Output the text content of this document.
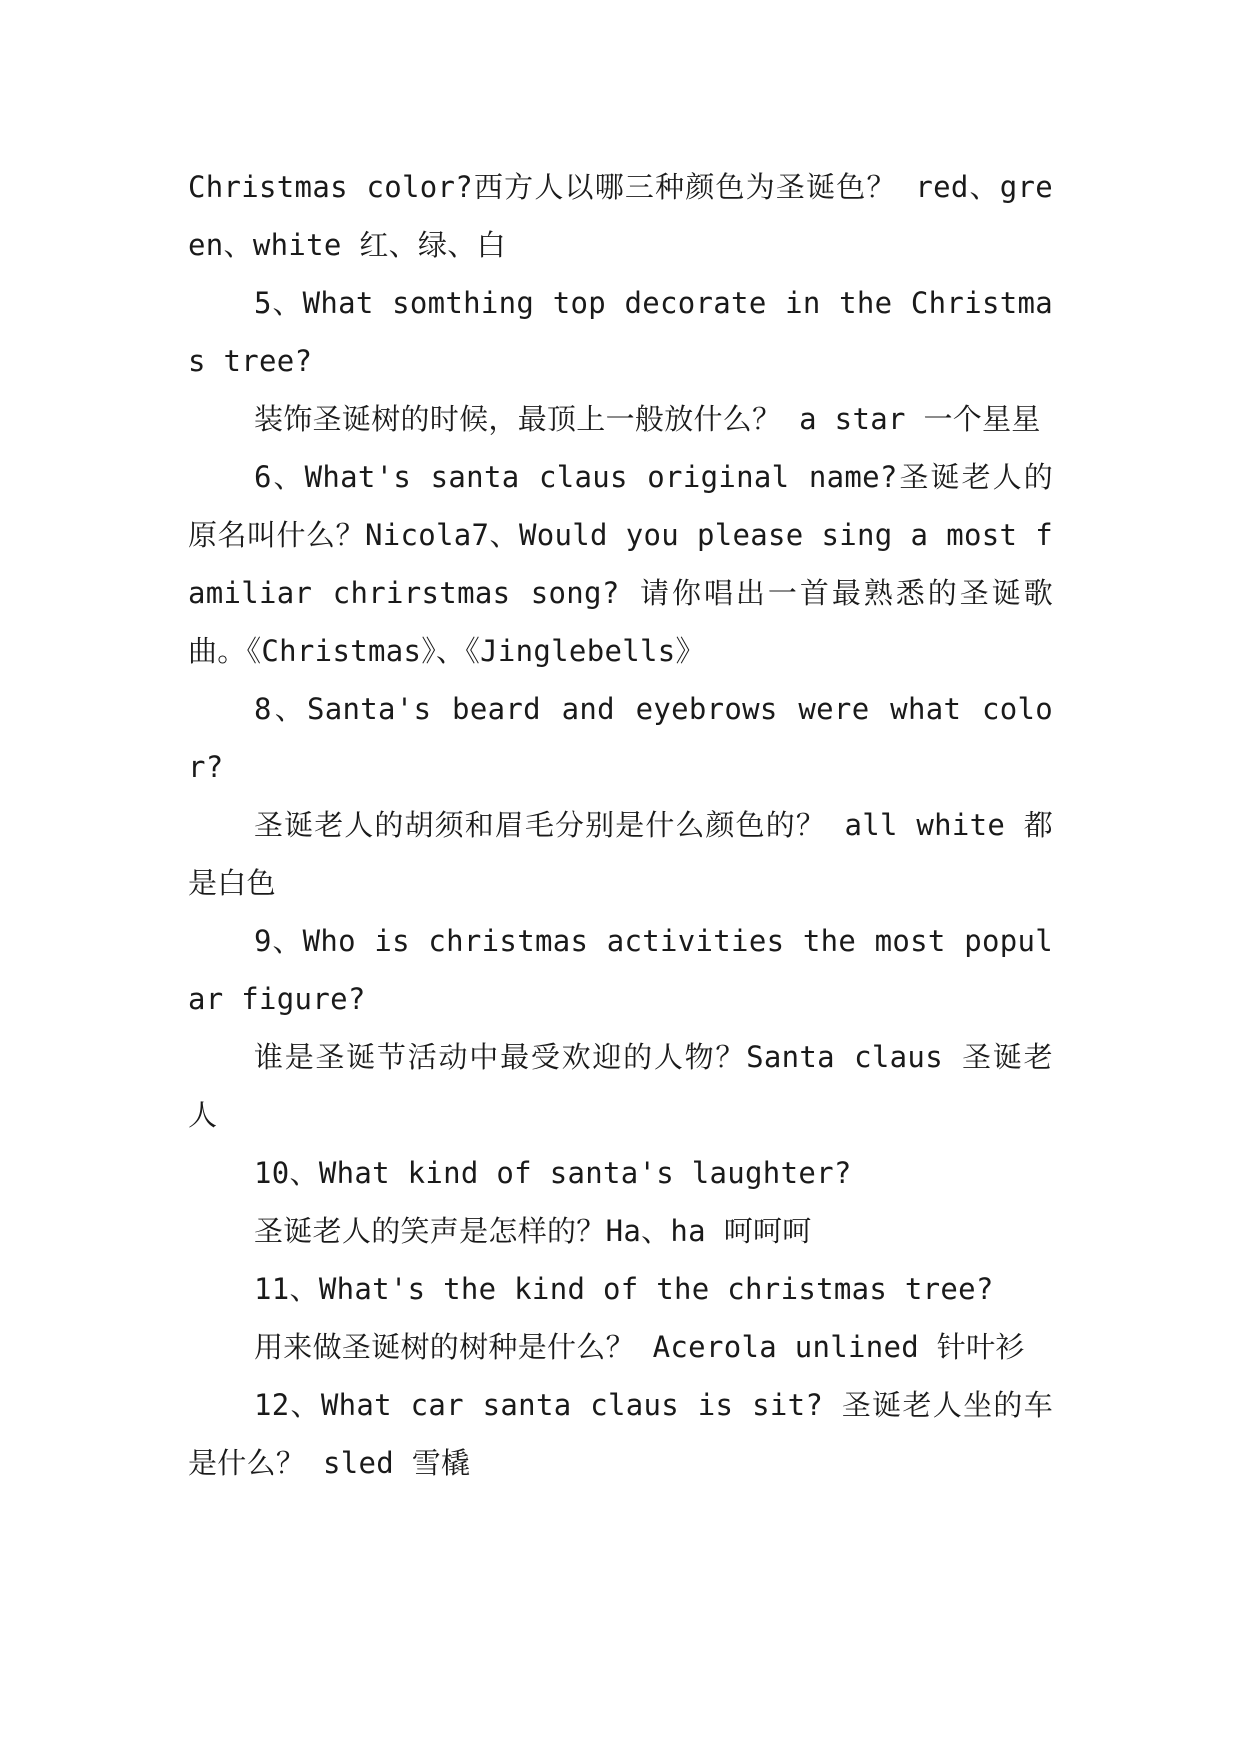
Christmas color?西方人以哪三种颜色为圣诞色？ red、green、white 红、绿、白

5、What somthing top decorate in the Christmas tree?

装饰圣诞树的时候，最顶上一般放什么？ a star 一个星星

6、What's santa claus original name?圣诞老人的原名叫什么？Nicola7、Would you please sing a most familiar chrirstmas song? 请你唱出一首最熟悉的圣诞歌曲。《Christmas》、《Jinglebells》

8、Santa's beard and eyebrows were what color?

圣诞老人的胡须和眉毛分别是什么颜色的？ all white 都是白色

9、Who is christmas activities the most popular figure?

谁是圣诞节活动中最受欢迎的人物？Santa claus 圣诞老人

10、What kind of santa's laughter?

圣诞老人的笑声是怎样的？Ha、ha 呵呵呵

11、What's the kind of the christmas tree?

用来做圣诞树的树种是什么？ Acerola unlined 针叶衫

12、What car santa claus is sit? 圣诞老人坐的车是什么？ sled 雪橇
